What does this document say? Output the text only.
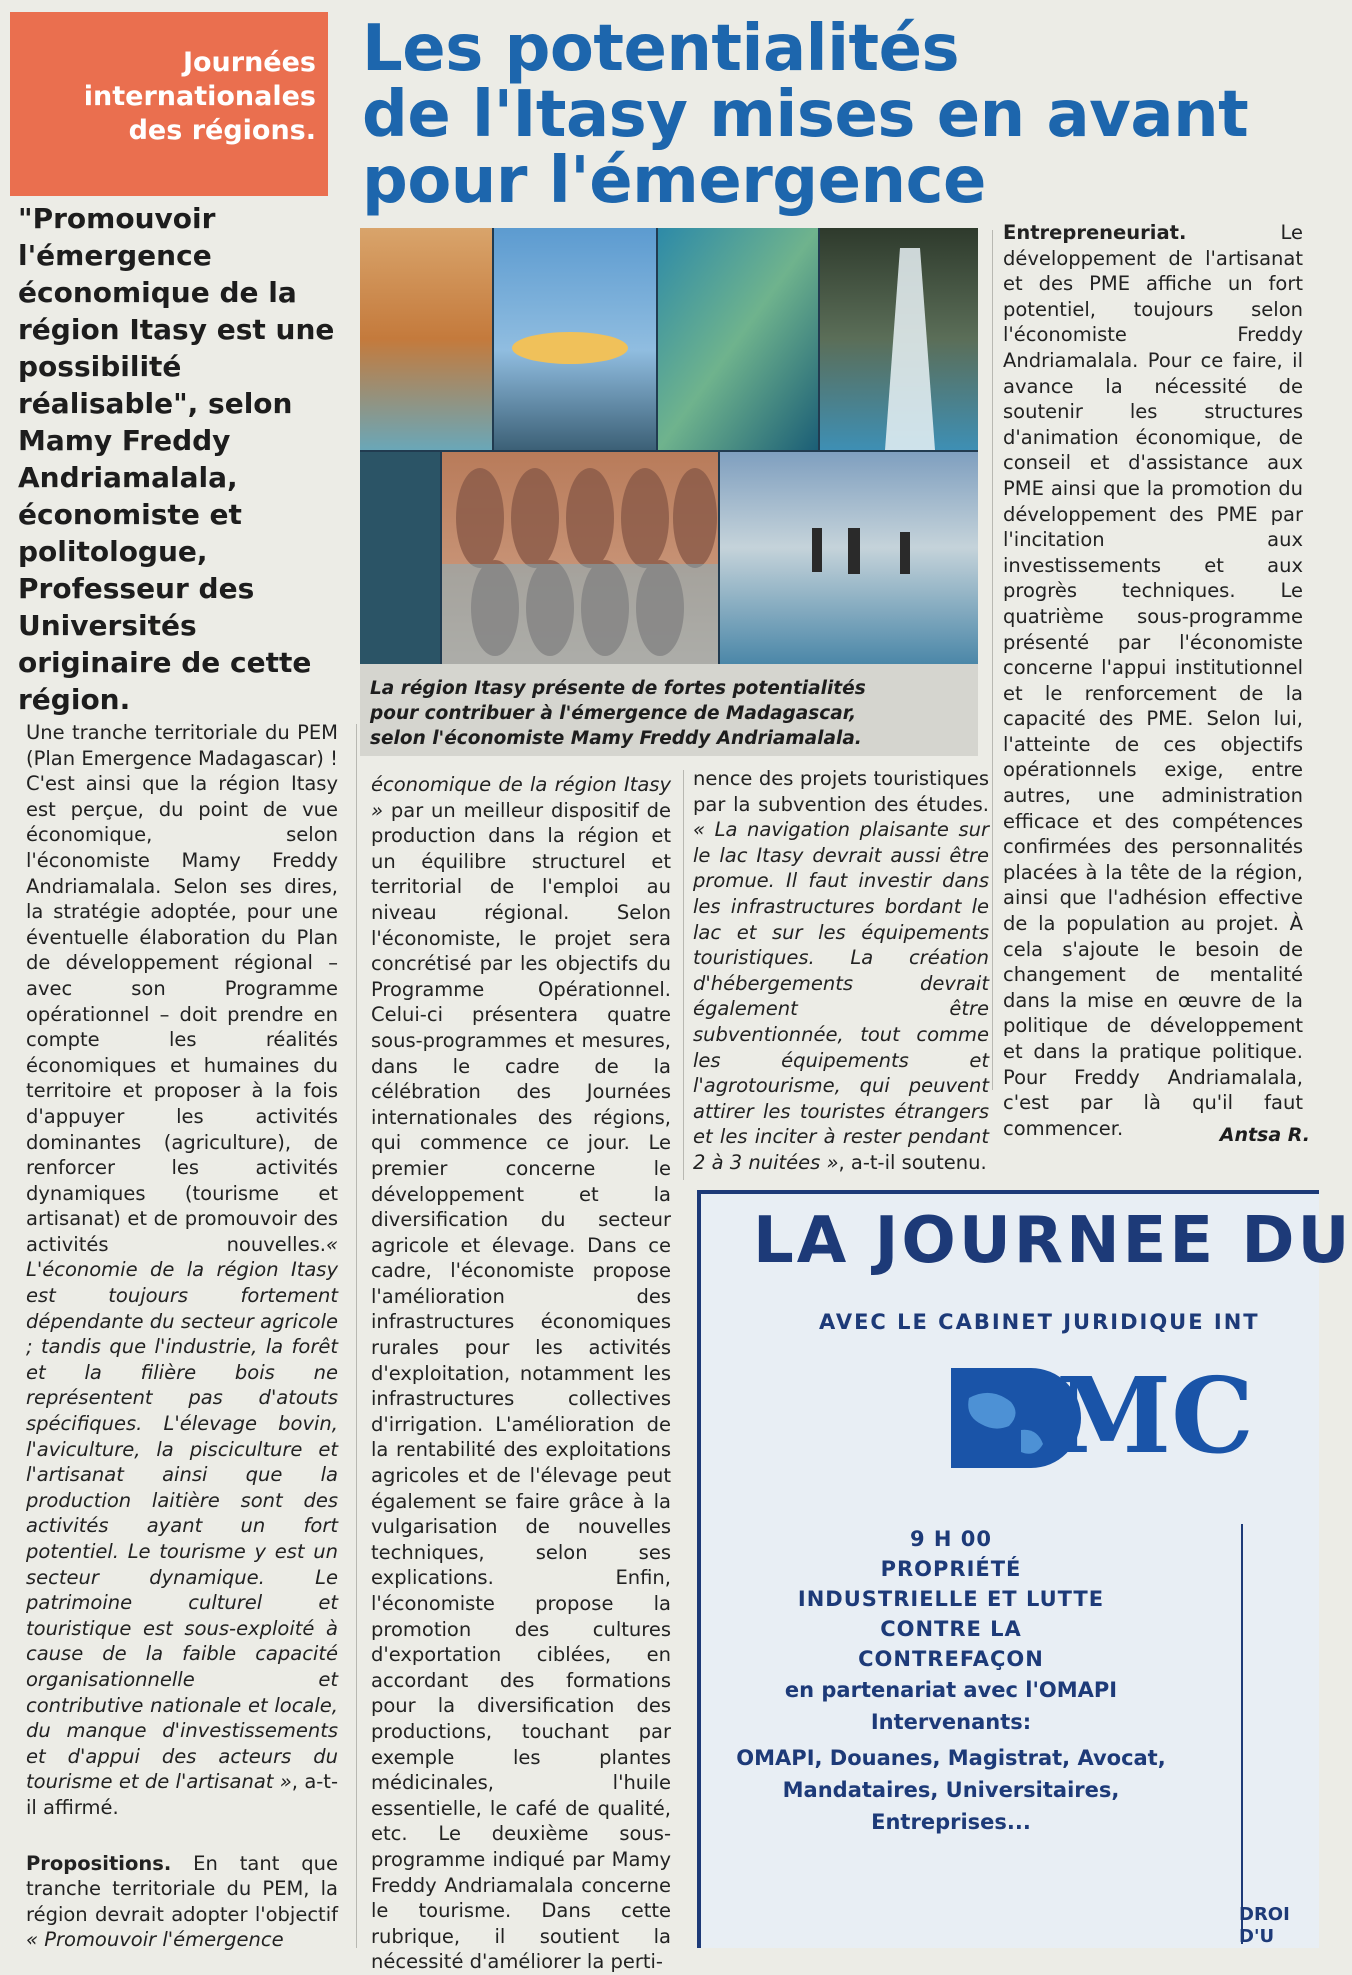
Journées
internationales
des régions.
Les potentialités
de l'Itasy mises en avant
pour l'émergence
"Promouvoir l'émergence économique de la région Itasy est une possibilité réalisable", selon Mamy Freddy Andriamalala, économiste et politologue, Professeur des Universités originaire de cette région.	La région Itasy présente de fortes potentialités
pour contribuer à l'émergence de Madagascar,
selon l'économiste Mamy Freddy Andriamalala.

Une tranche territoriale du PEM (Plan Emergence Madagascar) ! C'est ainsi que la région Itasy est perçue, du point de vue économique, selon l'économiste Mamy Freddy Andriamalala. Selon ses dires, la stratégie adoptée, pour une éventuelle élaboration du Plan de développement régional – avec son Programme opérationnel – doit prendre en compte les réalités économiques et humaines du territoire et proposer à la fois d'appuyer les activités dominantes (agriculture), de renforcer les activités dynamiques (tourisme et artisanat) et de promouvoir des activités nouvelles.« L'économie de la région Itasy est toujours fortement dépendante du secteur agricole ; tandis que l'industrie, la forêt et la filière bois ne représentent pas d'atouts spécifiques. L'élevage bovin, l'aviculture, la pisciculture et l'artisanat ainsi que la production laitière sont des activités ayant un fort potentiel. Le tourisme y est un secteur dynamique. Le patrimoine culturel et touristique est sous-exploité à cause de la faible capacité organisationnelle et contributive nationale et locale, du manque d'investissements et d'appui des acteurs du tourisme et de l'artisanat », a-t-il affirmé.

Propositions. En tant que tranche territoriale du PEM, la région devrait adopter l'objectif « Promouvoir l'émergence

économique de la région Itasy » par un meilleur dispositif de production dans la région et un équilibre structurel et territorial de l'emploi au niveau régional. Selon l'économiste, le projet sera concrétisé par les objectifs du Programme Opérationnel. Celui-ci présentera quatre sous-programmes et mesures, dans le cadre de la célébration des Journées internationales des régions, qui commence ce jour. Le premier concerne le développement et la diversification du secteur agricole et élevage. Dans ce cadre, l'économiste propose l'amélioration des infrastructures économiques rurales pour les activités d'exploitation, notamment les infrastructures collectives d'irrigation. L'amélioration de la rentabilité des exploitations agricoles et de l'élevage peut également se faire grâce à la vulgarisation de nouvelles techniques, selon ses explications. Enfin, l'économiste propose la promotion des cultures d'exportation ciblées, en accordant des formations pour la diversification des productions, touchant par exemple les plantes médicinales, l'huile essentielle, le café de qualité, etc. Le deuxième sous-programme indiqué par Mamy Freddy Andriamalala concerne le tourisme. Dans cette rubrique, il soutient la nécessité d'améliorer la perti-

nence des projets touristiques par la subvention des études. « La navigation plaisante sur le lac Itasy devrait aussi être promue. Il faut investir dans les infrastructures bordant le lac et sur les équipements touristiques. La création d'hébergements devrait également être subventionnée, tout comme les équipements et l'agrotourisme, qui peuvent attirer les touristes étrangers et les inciter à rester pendant 2 à 3 nuitées », a-t-il soutenu.

Entrepreneuriat. Le développement de l'artisanat et des PME affiche un fort potentiel, toujours selon l'économiste Freddy Andriamalala. Pour ce faire, il avance la nécessité de soutenir les structures d'animation économique, de conseil et d'assistance aux PME ainsi que la promotion du développement des PME par l'incitation aux investissements et aux progrès techniques. Le quatrième sous-programme présenté par l'économiste concerne l'appui institutionnel et le renforcement de la capacité des PME. Selon lui, l'atteinte de ces objectifs opérationnels exige, entre autres, une administration efficace et des compétences confirmées des personnalités placées à la tête de la région, ainsi que l'adhésion effective de la population au projet. À cela s'ajoute le besoin de changement de mentalité dans la mise en œuvre de la politique de développement et dans la pratique politique. Pour Freddy Andriamalala, c'est par là qu'il faut commencer.	Antsa R.
LA JOURNEE DU
AVEC LE CABINET JURIDIQUE INT
MC
9 H 00
PROPRIÉTÉ
INDUSTRIELLE ET LUTTE
CONTRE LA
CONTREFAÇON
en partenariat avec l'OMAPI
Intervenants:
OMAPI, Douanes, Magistrat, Avocat,
Mandataires, Universitaires,
Entreprises...
DROI
D'U
